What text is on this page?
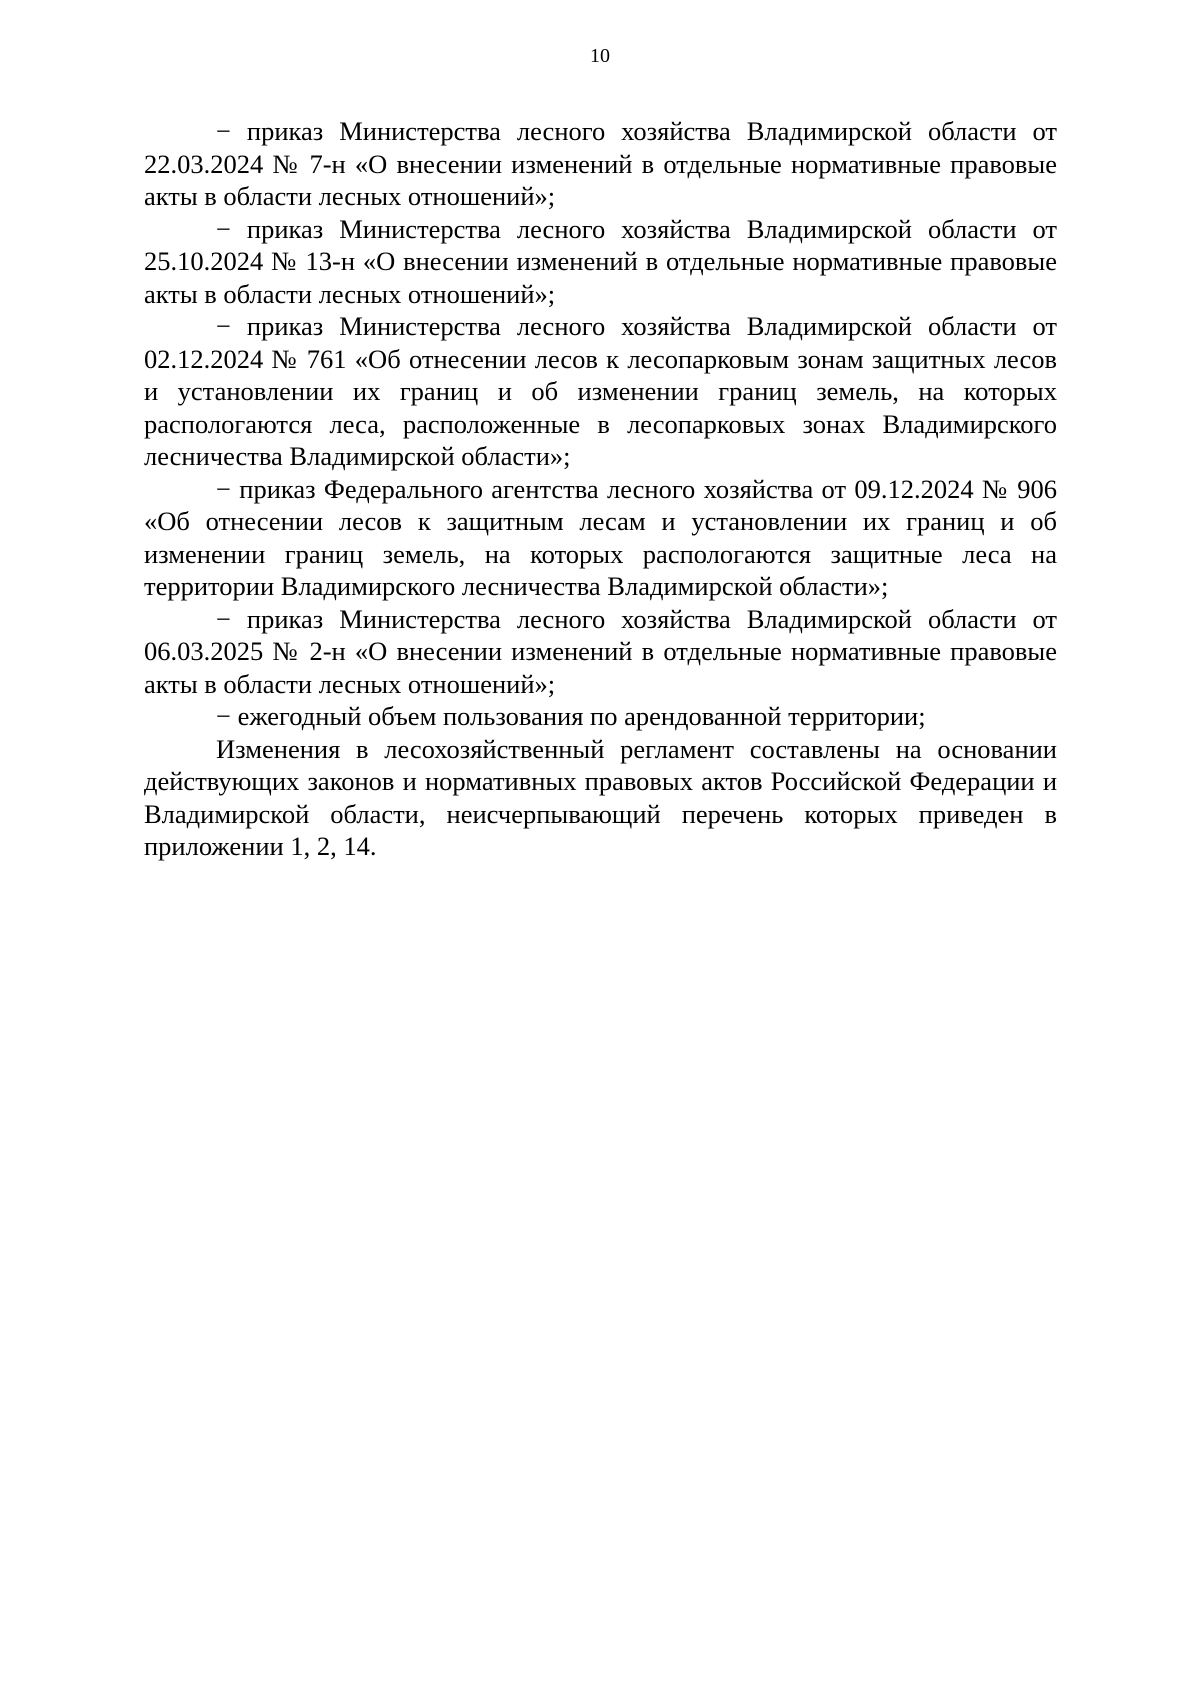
10

− приказ Министерства лесного хозяйства Владимирской области от 22.03.2024 № 7-н «О внесении изменений в отдельные нормативные правовые акты в области лесных отношений»;

− приказ Министерства лесного хозяйства Владимирской области от 25.10.2024 № 13-н «О внесении изменений в отдельные нормативные правовые акты в области лесных отношений»;

− приказ Министерства лесного хозяйства Владимирской области от 02.12.2024 № 761 «Об отнесении лесов к лесопарковым зонам защитных лесов и установлении их границ и об изменении границ земель, на которых распологаются леса, расположенные в лесопарковых зонах Владимирского лесничества Владимирской области»;

− приказ Федерального агентства лесного хозяйства от 09.12.2024 № 906 «Об отнесении лесов к защитным лесам и установлении их границ и об изменении границ земель, на которых распологаются защитные леса на территории Владимирского лесничества Владимирской области»;

− приказ Министерства лесного хозяйства Владимирской области от 06.03.2025 № 2-н «О внесении изменений в отдельные нормативные правовые акты в области лесных отношений»;

− ежегодный объем пользования по арендованной территории;

Изменения в лесохозяйственный регламент составлены на основании действующих законов и нормативных правовых актов Российской Федерации и Владимирской области, неисчерпывающий перечень которых приведен в приложении 1, 2, 14.
